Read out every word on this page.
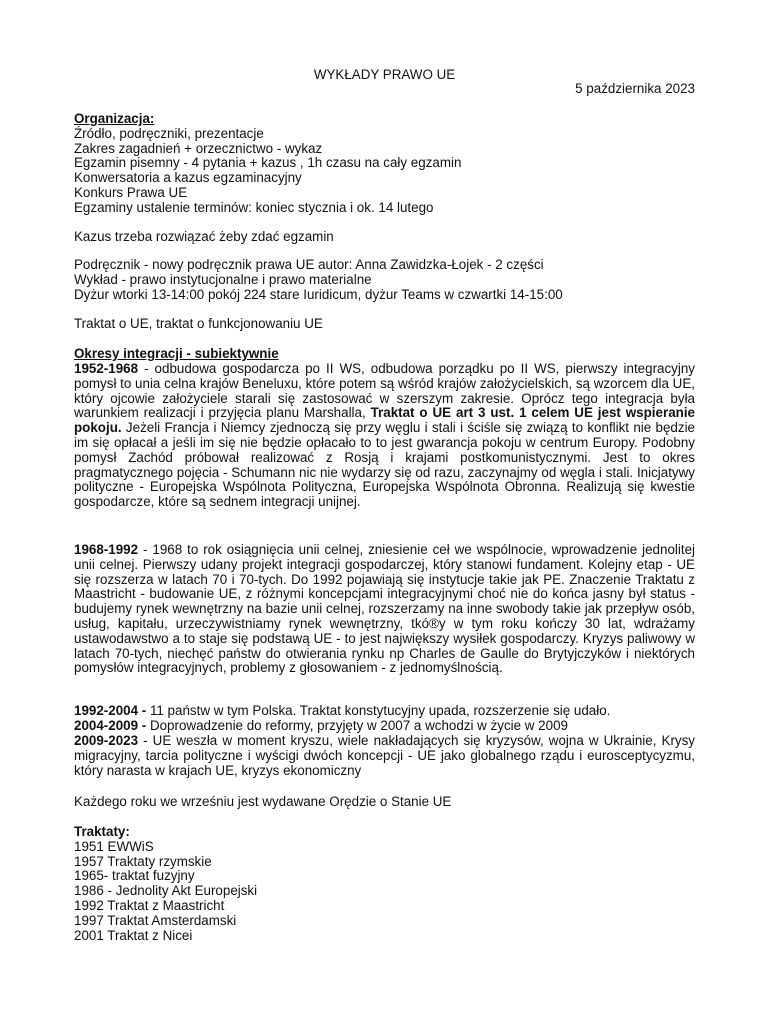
WYKŁADY PRAWO UE
5 października 2023
Organizacja:
Źródło, podręczniki, prezentacje
Zakres zagadnień + orzecznictwo - wykaz
Egzamin pisemny - 4 pytania + kazus , 1h czasu na cały egzamin
Konwersatoria a kazus egzaminacyjny
Konkurs Prawa UE
Egzaminy ustalenie terminów: koniec stycznia i ok. 14 lutego
Kazus trzeba rozwiązać żeby zdać egzamin
Podręcznik - nowy podręcznik prawa UE autor: Anna Zawidzka-Łojek - 2 części
Wykład - prawo instytucjonalne i prawo materialne
Dyżur wtorki 13-14:00 pokój 224 stare Iuridicum, dyżur Teams w czwartki 14-15:00
Traktat o UE, traktat o funkcjonowaniu UE
Okresy integracji - subiektywnie
1952-1968 - odbudowa gospodarcza po II WS, odbudowa porządku po II WS, pierwszy integracyjny pomysł to unia celna krajów Beneluxu, które potem są wśród krajów założycielskich, są wzorcem dla UE, który ojcowie założyciele starali się zastosować w szerszym zakresie. Oprócz tego integracja była warunkiem realizacji i przyjęcia planu Marshalla, Traktat o UE art 3 ust. 1 celem UE jest wspieranie pokoju. Jeżeli Francja i Niemcy zjednoczą się przy węglu i stali i ściśle się związą to konflikt nie będzie im się opłacał a jeśli im się nie będzie opłacało to to jest gwarancja pokoju w centrum Europy. Podobny pomysł Zachód próbował realizować z Rosją i krajami postkomunistycznymi. Jest to okres pragmatycznego pojęcia - Schumann nic nie wydarzy się od razu, zaczynajmy od węgla i stali. Inicjatywy polityczne - Europejska Wspólnota Polityczna, Europejska Wspólnota Obronna. Realizują się kwestie gospodarcze, które są sednem integracji unijnej.
1968-1992 - 1968 to rok osiągnięcia unii celnej, zniesienie ceł we wspólnocie, wprowadzenie jednolitej unii celnej. Pierwszy udany projekt integracji gospodarczej, który stanowi fundament. Kolejny etap - UE się rozszerza w latach 70 i 70-tych. Do 1992 pojawiają się instytucje takie jak PE. Znaczenie Traktatu z Maastricht - budowanie UE, z różnymi koncepcjami integracyjnymi choć nie do końca jasny był status - budujemy rynek wewnętrzny na bazie unii celnej, rozszerzamy na inne swobody takie jak przepływ osób, usług, kapitału, urzeczywistniamy rynek wewnętrzny, tkó®y w tym roku kończy 30 lat, wdrażamy ustawodawstwo a to staje się podstawą UE - to jest największy wysiłek gospodarczy. Kryzys paliwowy w latach 70-tych, niechęć państw do otwierania rynku np Charles de Gaulle do Brytyjczyków i niektórych pomysłów integracyjnych, problemy z głosowaniem - z jednomyślnością.
1992-2004 - 11 państw w tym Polska. Traktat konstytucyjny upada, rozszerzenie się udało.
2004-2009 - Doprowadzenie do reformy, przyjęty w 2007 a wchodzi w życie w 2009
2009-2023 - UE weszła w moment kryszu, wiele nakładających się kryzysów, wojna w Ukrainie, Krysy migracyjny, tarcia polityczne i wyścigi dwóch koncepcji - UE jako globalnego rządu i eurosceptycyzmu, który narasta w krajach UE, kryzys ekonomiczny
Każdego roku we wrześniu jest wydawane Orędzie o Stanie UE
Traktaty:
1951 EWWiS
1957 Traktaty rzymskie
1965- traktat fuzyjny
1986 - Jednolity Akt Europejski
1992 Traktat z Maastricht
1997 Traktat Amsterdamski
2001 Traktat z Nicei
